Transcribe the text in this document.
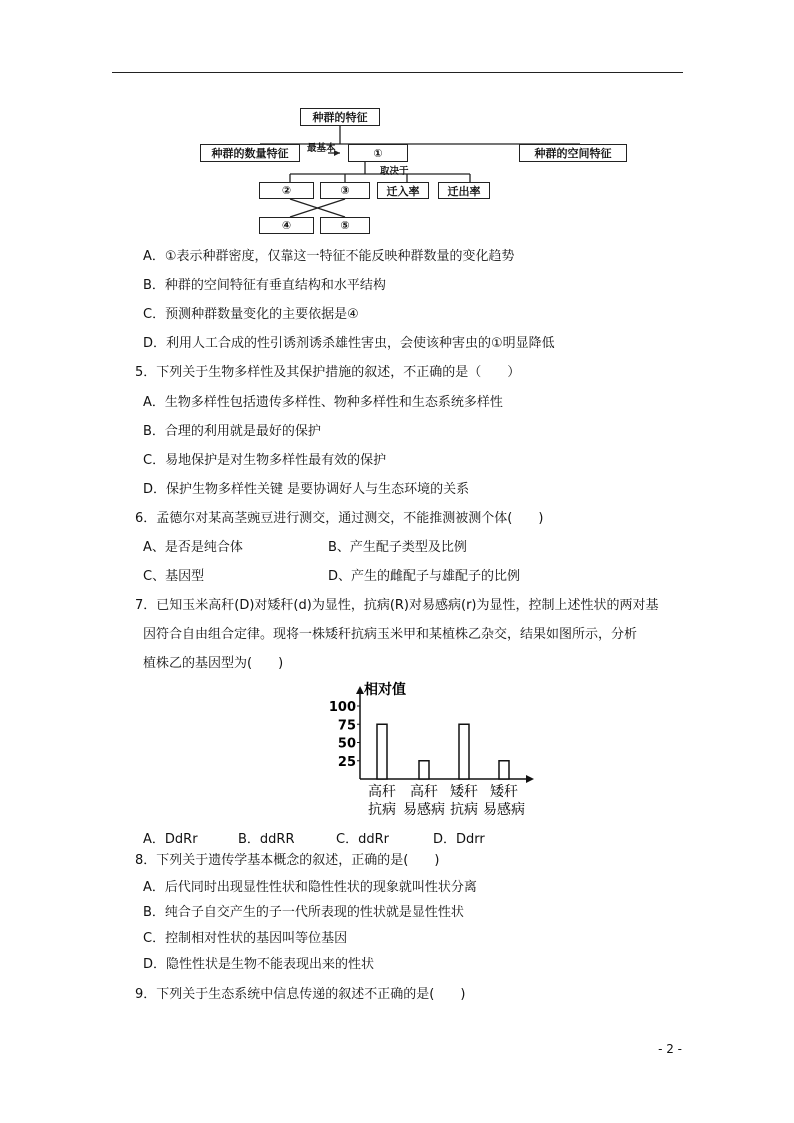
种群的特征
种群的数量特征	最基本	①
取决于
种群的空间特征
②	③	迁入率	迁出率
④	⑤
A．①表示种群密度，仅靠这一特征不能反映种群数量的变化趋势
B．种群的空间特征有垂直结构和水平结构
C．预测种群数量变化的主要依据是④
D．利用人工合成的性引诱剂诱杀雄性害虫，会使该种害虫的①明显降低
5．下列关于生物多样性及其保护措施的叙述，不正确的是（　　）
A．生物多样性包括遗传多样性、物种多样性和生态系统多样性
B．合理的利用就是最好的保护
C．易地保护是对生物多样性最有效的保护
D．保护生物多样性关键 是要协调好人与生态环境的关系
6．孟德尔对某高茎豌豆进行测交，通过测交，不能推测被测个体(　　)
A、是否是纯合体	B、产生配子类型及比例
C、基因型	D、产生的雌配子与雄配子的比例
7．已知玉米高秆(D)对矮秆(d)为显性，抗病(R)对易感病(r)为显性，控制上述性状的两对基
因符合自由组合定律。现将一株矮秆抗病玉米甲和某植株乙杂交，结果如图所示，分析
植株乙的基因型为(　　)
相对值
25
50
75
100
高秆
抗病
高秆
易感病
矮秆
抗病
矮秆
易感病
A．DdRr	B．ddRR	C．ddRr	D．Ddrr
8．下列关于遗传学基本概念的叙述，正确的是(　　)
A．后代同时出现显性性状和隐性性状的现象就叫性状分离
B．纯合子自交产生的子一代所表现的性状就是显性性状
C．控制相对性状的基因叫等位基因
D．隐性性状是生物不能表现出来的性状
9．下列关于生态系统中信息传递的叙述不正确的是(　　)
- 2 -
